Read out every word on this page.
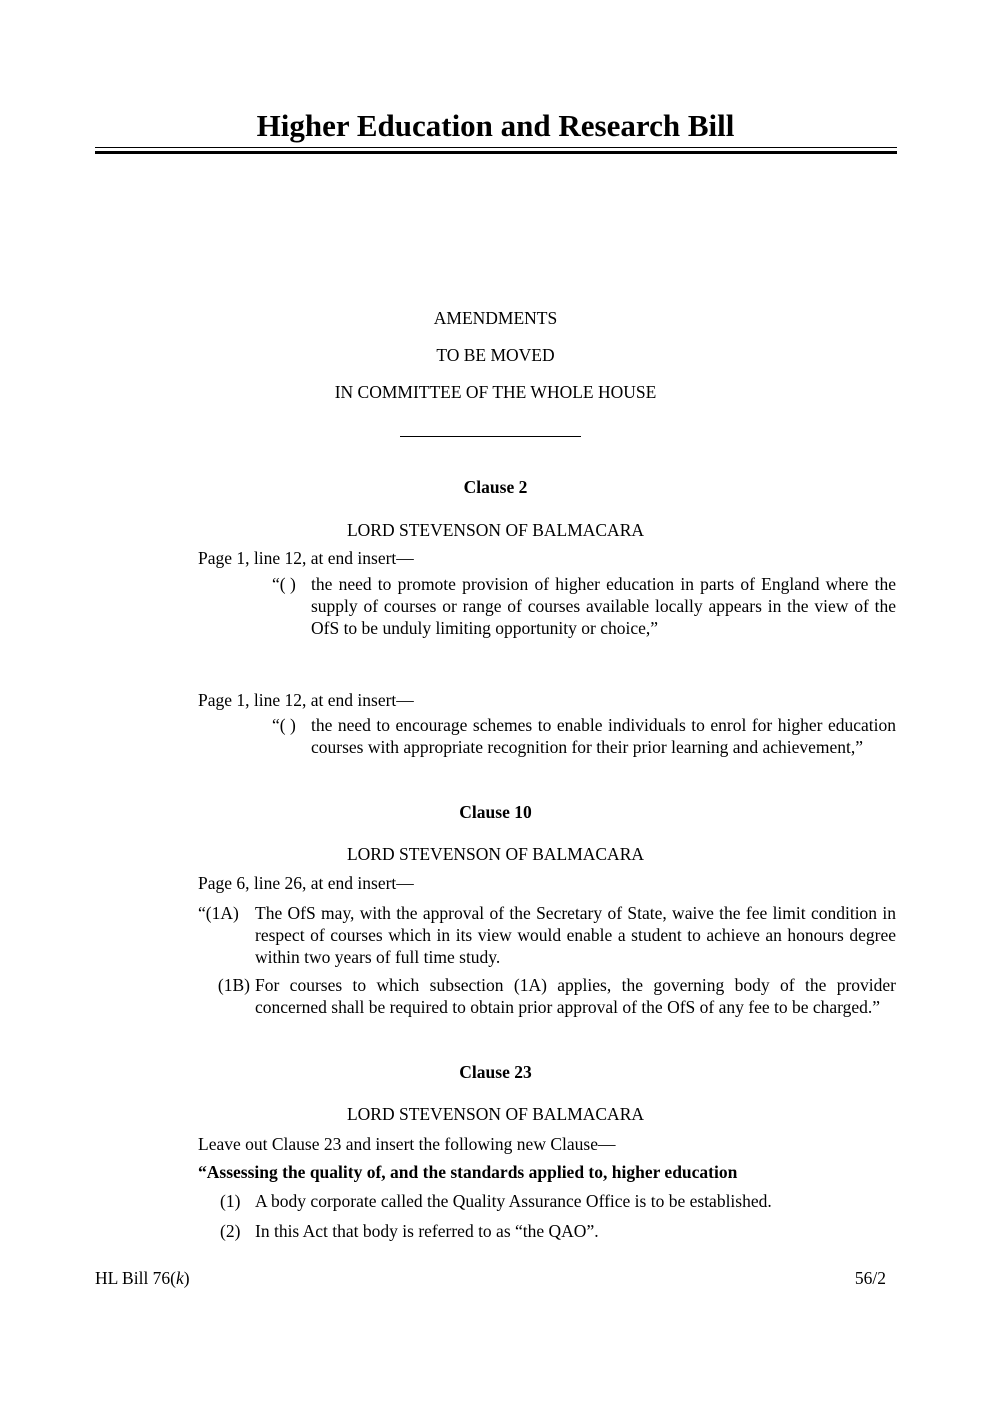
Higher Education and Research Bill
AMENDMENTS
TO BE MOVED
IN COMMITTEE OF THE WHOLE HOUSE
Clause 2
LORD STEVENSON OF BALMACARA
Page 1, line 12, at end insert—
“( ) the need to promote provision of higher education in parts of England where the supply of courses or range of courses available locally appears in the view of the OfS to be unduly limiting opportunity or choice,”
Page 1, line 12, at end insert—
“( ) the need to encourage schemes to enable individuals to enrol for higher education courses with appropriate recognition for their prior learning and achievement,”
Clause 10
LORD STEVENSON OF BALMACARA
Page 6, line 26, at end insert—
“(1A) The OfS may, with the approval of the Secretary of State, waive the fee limit condition in respect of courses which in its view would enable a student to achieve an honours degree within two years of full time study.
(1B) For courses to which subsection (1A) applies, the governing body of the provider concerned shall be required to obtain prior approval of the OfS of any fee to be charged.”
Clause 23
LORD STEVENSON OF BALMACARA
Leave out Clause 23 and insert the following new Clause—
“Assessing the quality of, and the standards applied to, higher education
(1) A body corporate called the Quality Assurance Office is to be established.
(2) In this Act that body is referred to as “the QAO”.
HL Bill 76(k)	56/2
